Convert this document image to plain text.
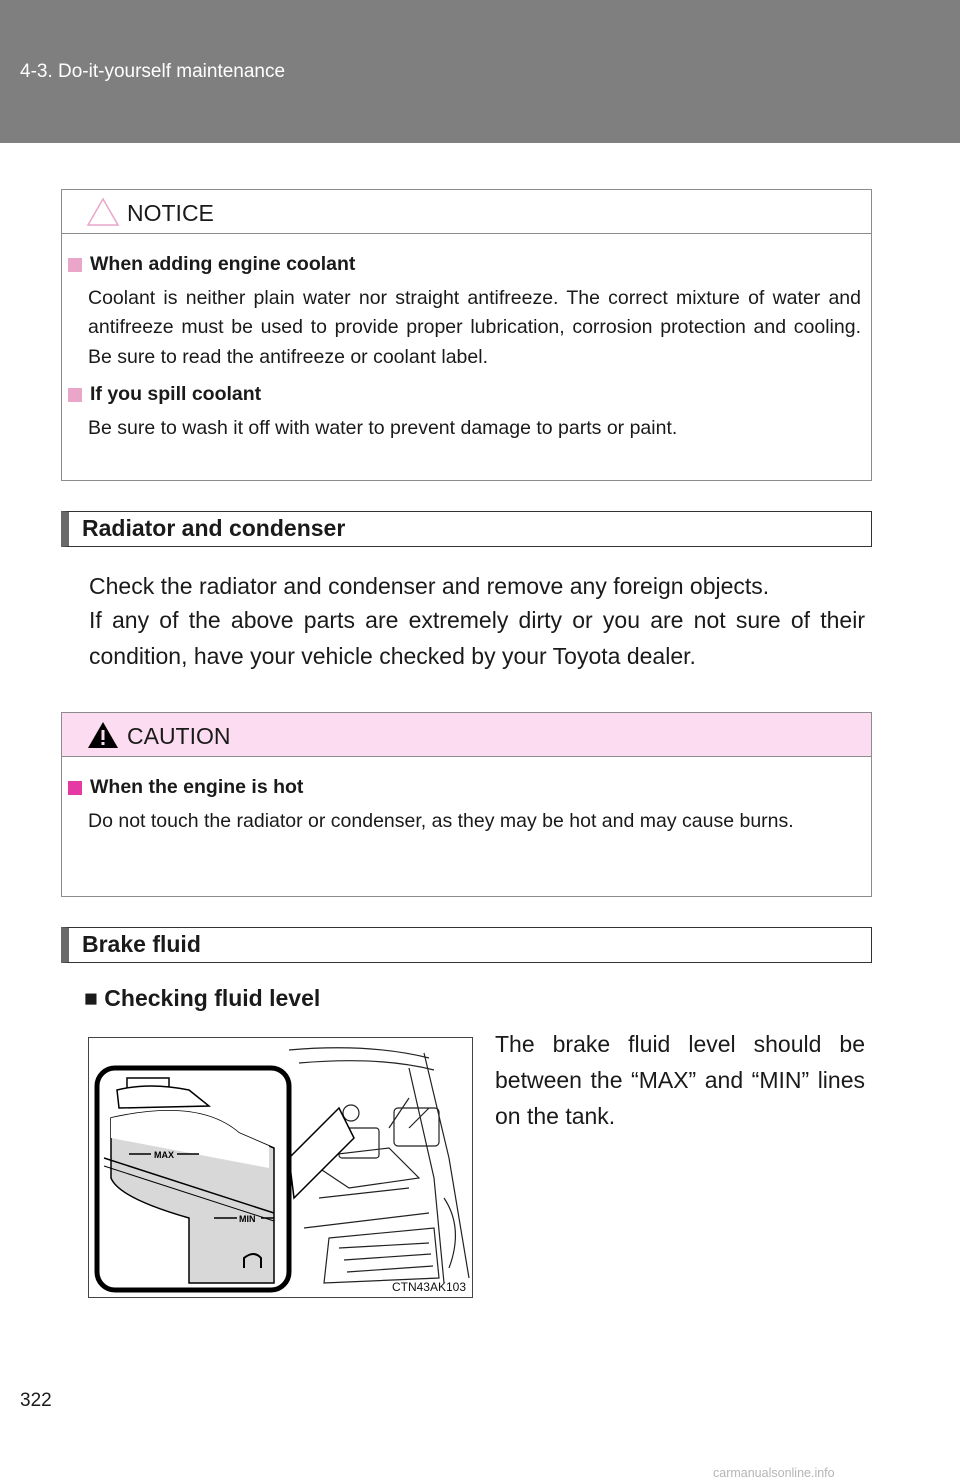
4-3. Do-it-yourself maintenance
NOTICE
When adding engine coolant
Coolant is neither plain water nor straight antifreeze. The correct mixture of water and antifreeze must be used to provide proper lubrication, corrosion protection and cooling. Be sure to read the antifreeze or coolant label.
If you spill coolant
Be sure to wash it off with water to prevent damage to parts or paint.
Radiator and condenser
Check the radiator and condenser and remove any foreign objects.
If any of the above parts are extremely dirty or you are not sure of their condition, have your vehicle checked by your Toyota dealer.
CAUTION
When the engine is hot
Do not touch the radiator or condenser, as they may be hot and may cause burns.
Brake fluid
■ Checking fluid level
The brake fluid level should be between the “MAX” and “MIN” lines on the tank.
MAX
MIN
CTN43AK103
322
carmanualsonline.info
